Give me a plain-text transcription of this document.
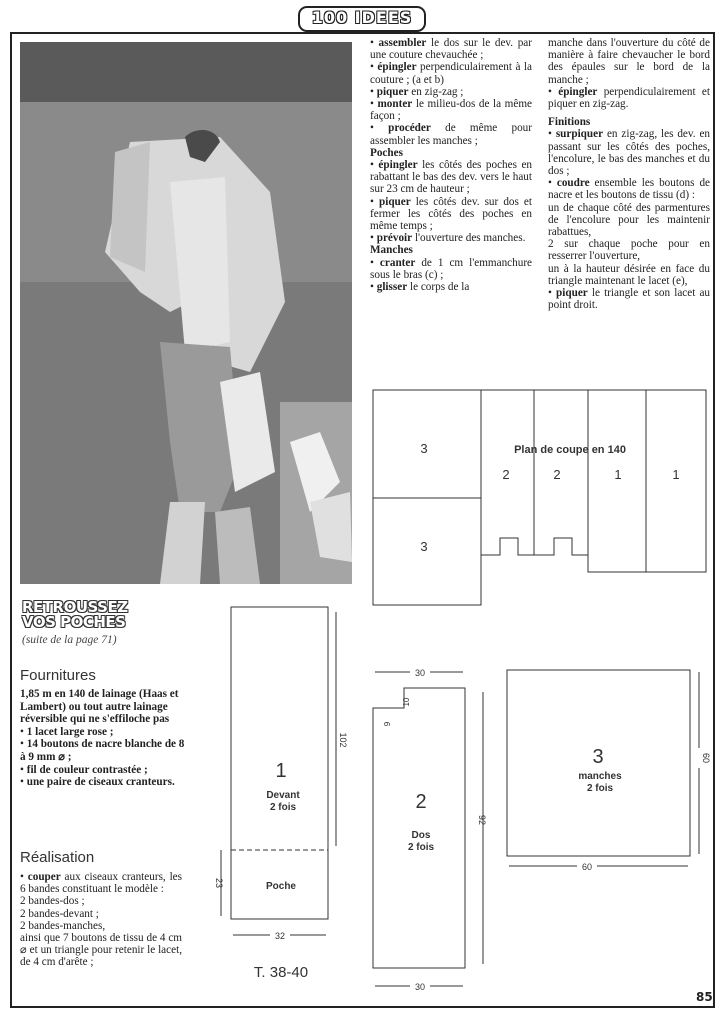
100 IDEES

• assembler le dos sur le dev. par une couture chevauchée ;

• épingler perpendiculairement à la couture ; (a et b)

• piquer en zig-zag ;

• monter le milieu-dos de la même façon ;

• procéder de même pour assembler les manches ;

Poches

• épingler les côtés des poches en rabattant le bas des dev. vers le haut sur 23 cm de hauteur ;

• piquer les côtés dev. sur dos et fermer les côtés des poches en même temps ;

• prévoir l'ouverture des manches.

Manches

• cranter de 1 cm l'emmanchure sous le bras (c) ;

• glisser le corps de la

manche dans l'ouverture du côté de manière à faire chevaucher le bord des épaules sur le bord de la manche ;

• épingler perpendiculairement et piquer en zig-zag.

Finitions

• surpiquer en zig-zag, les dev. en passant sur les côtés des poches, l'encolure, le bas des manches et du dos ;

• coudre ensemble les boutons de nacre et les boutons de tissu (d) :

un de chaque côté des parmentures de l'encolure pour les maintenir rabattues,

2 sur chaque poche pour en resserrer l'ouverture,

un à la hauteur désirée en face du triangle maintenant le lacet (e),

• piquer le triangle et son lacet au point droit.

RETROUSSEZ
VOS POCHES
(suite de la page 71)
Fournitures

1,85 m en 140 de lainage (Haas et Lambert) ou tout autre lainage réversible qui ne s'effiloche pas

• 1 lacet large rose ;

• 14 boutons de nacre blanche de 8 à 9 mm ⌀ ;

• fil de couleur contrastée ;

• une paire de ciseaux cranteurs.

Réalisation

• couper aux ciseaux cranteurs, les 6 bandes constituant le modèle :

2 bandes-dos ;

2 bandes-devant ;

2 bandes-manches,

ainsi que 7 boutons de tissu de 4 cm ⌀ et un triangle pour retenir le lacet, de 4 cm d'arête ;

3
3
2	2	1	1
Plan de coupe en 140
1
Devant
2 fois
Poche
102
23
32
T. 38-40
30
30
10
9
92
2
Dos
2 fois
3
manches
2 fois
60
60
85
